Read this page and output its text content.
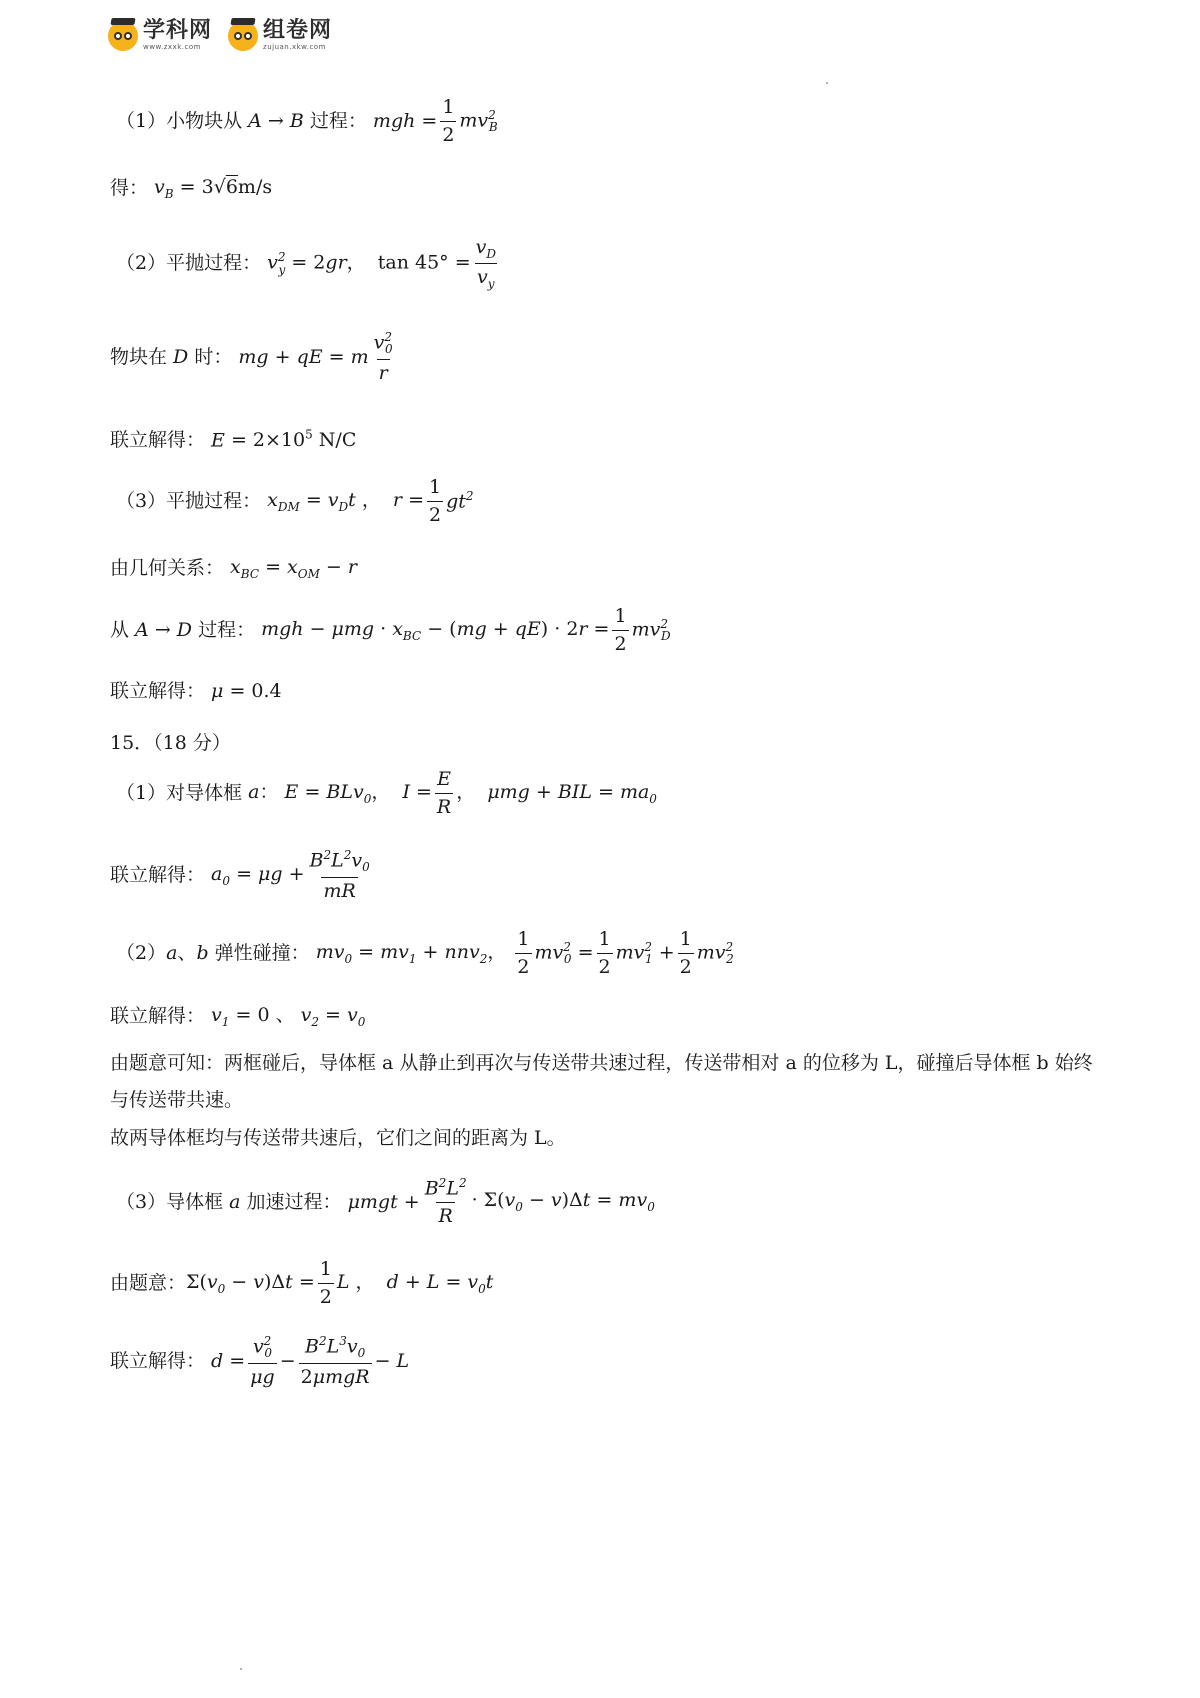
学科网
www.zxxk.com
组卷网
zujuan.xkw.com
（1）小物块从 A → B 过程： mgh = $\frac{1}{2} mv^2_B$
得： $v_B = 3√6m/s$
（2）平抛过程： $v^2_y = 2gr$，  $\tan 45^\circ = \frac{v_D}{v_y}$
物块在 D 时： mg + qE = m $\frac{v^2_0}{r}$
联立解得： $E = 2\times 10^5$ N/C
（3）平抛过程： $x_{DM} = v_Dt$ ，  $r = \frac{1}{2} gt^2$
由几何关系： $x_{BC} = x_{OM} - r$
从 A → D 过程： mgh − $\mu mg \cdot x_{BC} - (mg + qE) \cdot 2r = \frac{1}{2} mv^2_D$
联立解得： μ = 0.4
15．（18 分）
（1）对导体框 a： E = BLv$_0$，  $I = \frac{E}{R}$ ，  μmg + BIL = $ma_0$
联立解得： $a_0 = \mu g + \frac{B^2L^2v_0}{mR}$
（2） a、b 弹性碰撞： $mv_0 = mv_1 + nnv_2$， $\frac{1}{2} mv^2_0 = \frac{1}{2} mv^2_1 + \frac{1}{2} mv^2_2$
联立解得： $v_1 = 0$ 、 $v_2 = v_0$
由题意可知：两框碰后，导体框 a 从静止到再次与传送带共速过程，传送带相对 a 的位移为 L，碰撞后导体框 b 始终与传送带共速。
故两导体框均与传送带共速后，它们之间的距离为 L。
（3）导体框 a 加速过程： $\mu mgt + \frac{B^2L^2}{R} \cdot \Sigma(v_0 - v)\Delta t = mv_0$
由题意： $\Sigma(v_0 - v)\Delta t = \frac{1}{2}$ L ，  $d + L = v_0t$
联立解得： $d = \frac{v^2_0}{\mu g} - \frac{B^2L^3v_0}{\text{2μmgR}} - L$
